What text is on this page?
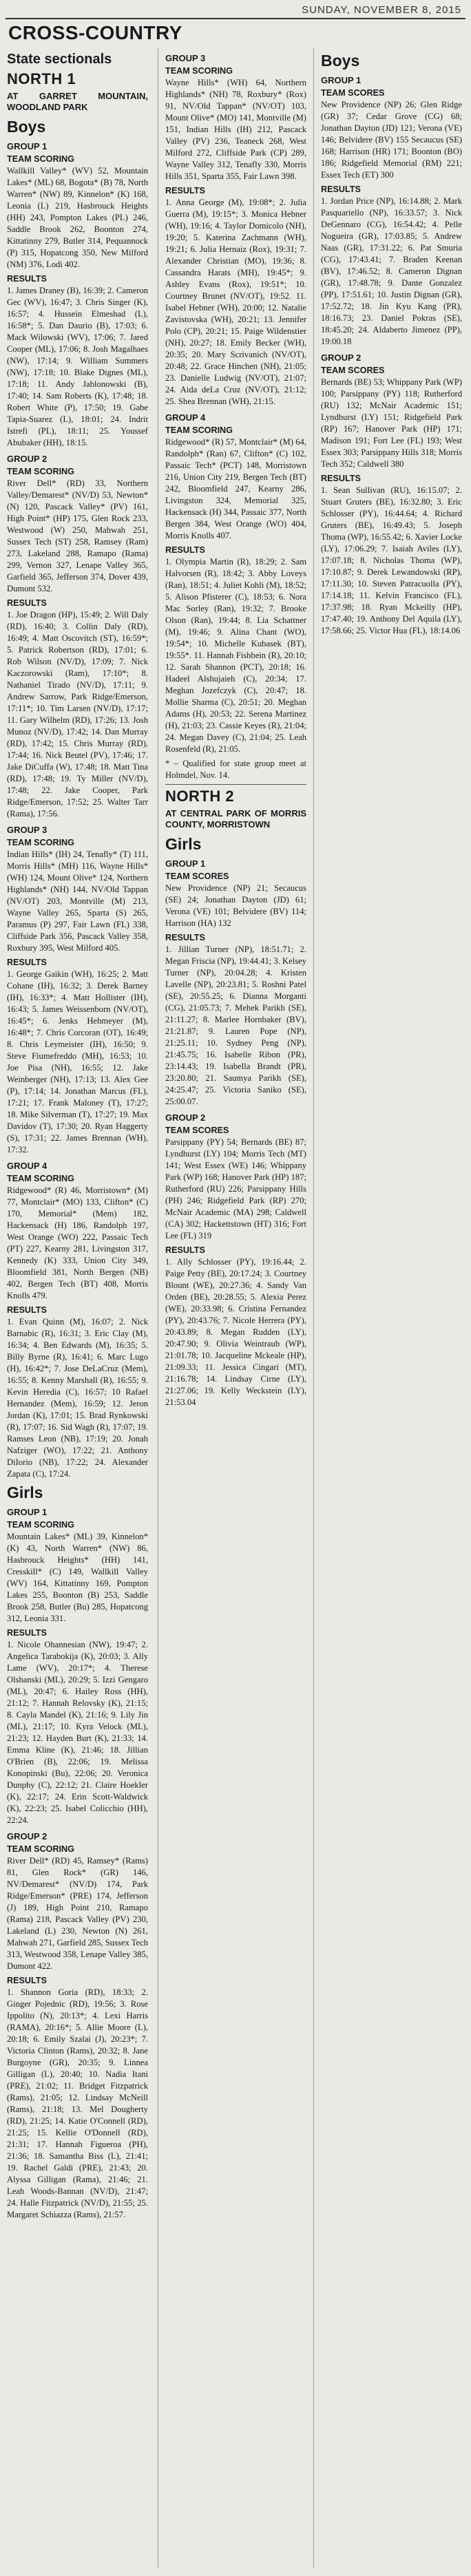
SUNDAY, NOVEMBER 8, 2015
CROSS-COUNTRY
State sectionals
NORTH 1
AT GARRET MOUNTAIN, WOODLAND PARK
Boys
GROUP 1
TEAM SCORING

Wallkill Valley* (WV) 52, Mountain Lakes* (ML) 68, Bogota* (B) 78, North Warren* (NW) 89, Kinnelon* (K) 168, Leonia (L) 219, Hasbrouck Heights (HH) 243, Pompton Lakes (PL) 246, Saddle Brook 262, Boonton 274, Kittatinny 279, Butler 314, Pequannock (P) 315, Hopatcong 350, New Milford (NM) 376, Lodi 402.

RESULTS

1. James Draney (B), 16:39; 2. Cameron Gec (WV), 16:47; 3. Chris Singer (K), 16:57; 4. Hussein Elmeshad (L), 16:58*; 5. Dan Daurio (B), 17:03; 6. Mack Wilowski (WV), 17:06; 7. Jared Cooper (ML), 17:06; 8. Josh Magalhaes (NW), 17:14; 9. William Summers (NW), 17:18; 10. Blake Dignes (ML), 17:18; 11. Andy Jablonowski (B), 17:40; 14. Sam Roberts (K), 17:48; 18. Robert White (P), 17:50; 19. Gabe Tapia-Suarez (L), 18:01; 24. Indrit Istrefi (PL), 18:11; 25. Youssef Abubaker (HH), 18:15.

GROUP 2
TEAM SCORING

River Dell* (RD) 33, Northern Valley/Demarest* (NV/D) 53, Newton* (N) 120, Pascack Valley* (PV) 161, High Point* (HP) 175, Glen Rock 233, Westwood (W) 250, Mahwah 251, Sussex Tech (ST) 258, Ramsey (Ram) 273, Lakeland 288, Ramapo (Rama) 299, Vernon 327, Lenape Valley 365, Garfield 365, Jefferson 374, Dover 439, Dumont 532.

RESULTS

1. Joe Dragon (HP), 15:49; 2. Will Daly (RD), 16:40; 3. Collin Daly (RD), 16:49; 4. Matt Oscovitch (ST), 16:59*; 5. Patrick Robertson (RD), 17:01; 6. Rob Wilson (NV/D), 17:09; 7. Nick Kaczorowski (Ram), 17:10*; 8. Nathaniel Tirado (NV/D), 17:11; 9. Andrew Sarrow, Park Ridge/Emerson, 17:11*; 10. Tim Larsen (NV/D), 17:17; 11. Gary Wilhelm (RD), 17:26; 13. Josh Munoz (NV/D), 17:42; 14. Dan Murray (RD), 17:42; 15. Chris Murray (RD), 17:44; 16. Nick Beutel (PV), 17:46; 17. Jake DiCuffa (W), 17:48; 18. Matt Tina (RD), 17:48; 19. Ty Miller (NV/D), 17:48; 22. Jake Cooper, Park Ridge/Emerson, 17:52; 25. Walter Tarr (Rama), 17:56.

GROUP 3
TEAM SCORING

Indian Hills* (IH) 24, Tenafly* (T) 111, Morris Hills* (MH) 116, Wayne Hills* (WH) 124, Mount Olive* 124, Northern Highlands* (NH) 144, NV/Old Tappan (NV/OT) 203, Montville (M) 213, Wayne Valley 265, Sparta (S) 265, Paramus (P) 297, Fair Lawn (FL) 338, Cliffside Park 356, Pascack Valley 358, Roxbury 395, West Milford 405.

RESULTS

1. George Gaikin (WH), 16:25; 2. Matt Cohane (IH), 16:32; 3. Derek Barney (IH), 16:33*; 4. Matt Hollister (IH), 16:43; 5. James Weissenborn (NV/OT), 16:45*; 6. Jenks Hehmeyer (M), 16:48*; 7. Chris Corcoran (OT), 16:49; 8. Chris Leymeister (IH), 16:50; 9. Steve Fiumefreddo (MH), 16:53; 10. Joe Pisa (NH), 16:55; 12. Jake Weinberger (NH), 17:13; 13. Alex Gee (P), 17:14; 14. Jonathan Marcus (FL), 17:21; 17. Frank Maloney (T), 17:27; 18. Mike Silverman (T), 17:27; 19. Max Davidov (T), 17:30; 20. Ryan Haggerty (S), 17:31; 22. James Brennan (WH), 17:32.

GROUP 4
TEAM SCORING

Ridgewood* (R) 46, Morristown* (M) 77, Montclair* (MO) 133, Clifton* (C) 170, Memorial* (Mem) 182, Hackensack (H) 186, Randolph 197, West Orange (WO) 222, Passaic Tech (PT) 227, Kearny 281, Livingston 317, Kennedy (K) 333, Union City 349, Bloomfield 381, North Bergen (NB) 402, Bergen Tech (BT) 408, Morris Knolls 479.

RESULTS

1. Evan Quinn (M), 16:07; 2. Nick Barnabic (R), 16:31; 3. Eric Clay (M), 16:34; 4. Ben Edwards (M), 16:35; 5. Billy Byrne (R), 16:41; 6. Marc Lugo (H), 16:42*; 7. Jose DeLaCruz (Mem), 16:55; 8. Kenny Marshall (R), 16:55; 9. Kevin Heredia (C), 16:57; 10 Rafael Hernandez (Mem), 16:59; 12. Jeron Jordan (K), 17:01; 15. Brad Rynkowski (R), 17:07; 16. Sid Wagh (R), 17:07; 19. Ramses Leon (NB), 17:19; 20. Jonah Nafziger (WO), 17:22; 21. Anthony DiIorio (NB), 17:22; 24. Alexander Zapata (C), 17:24.

Girls
GROUP 1
TEAM SCORING

Mountain Lakes* (ML) 39, Kinnelon* (K) 43, North Warren* (NW) 86, Hasbrouck Heights* (HH) 141, Cresskill* (C) 149, Wallkill Valley (WV) 164, Kittatinny 169, Pompton Lakes 255, Boonton (B) 253, Saddle Brook 258, Butler (Bu) 285, Hopatcong 312, Leonia 331.

RESULTS

1. Nicole Ohannesian (NW), 19:47; 2. Angelica Tarabokija (K), 20:03; 3. Ally Lame (WV), 20:17*; 4. Therese Olshanski (ML), 20:29; 5. Izzi Gengaro (ML), 20:47; 6. Hailey Ross (HH), 21:12; 7. Hannah Relovsky (K), 21:15; 8. Cayla Mandel (K), 21:16; 9. Lily Jin (ML), 21:17; 10. Kyra Velock (ML), 21:23; 12. Hayden Burt (K), 21:33; 14. Emma Kline (K), 21:46; 18. Jillian O'Brien (B), 22:06; 19. Melissa Konopinski (Bu), 22:06; 20. Veronica Dunphy (C), 22:12; 21. Claire Hoekler (K), 22:17; 24. Erin Scott-Waldwick (K), 22:23; 25. Isabel Colicchio (HH), 22:24.

GROUP 2
TEAM SCORING

River Dell* (RD) 45, Ramsey* (Rams) 81, Glen Rock* (GR) 146, NV/Demarest* (NV/D) 174, Park Ridge/Emerson* (PRE) 174, Jefferson (J) 189, High Point 210, Ramapo (Rama) 218, Pascack Valley (PV) 230, Lakeland (L) 230, Newton (N) 261, Mahwah 271, Garfield 285, Sussex Tech 313, Westwood 358, Lenape Valley 385, Dumont 422.

RESULTS

1. Shannon Goria (RD), 18:33; 2. Ginger Pojednic (RD), 19:56; 3. Rose Ippolito (N), 20:13*; 4. Lexi Harris (RAMA), 20:16*; 5. Allie Moore (L), 20:18; 6. Emily Szalai (J), 20:23*; 7. Victoria Clinton (Rams), 20:32; 8. Jane Burgoyne (GR), 20:35; 9. Linnea Gilligan (L), 20:40; 10. Nadia Itani (PRE), 21:02; 11. Bridget Fitzpatrick (Rams), 21:05; 12. Lindsay McNeill (Rams), 21:18; 13. Mel Dougherty (RD), 21:25; 14. Katie O'Connell (RD), 21:25; 15. Kellie O'Donnell (RD), 21:31; 17. Hannah Figueroa (PH), 21:36; 18. Samantha Biss (L), 21:41; 19. Rachel Galdi (PRE), 21:43; 20. Alyssa Gilligan (Rama), 21:46; 21. Leah Woods-Bannan (NV/D), 21:47; 24. Halle Fitzpatrick (NV/D), 21:55; 25. Margaret Schiazza (Rams), 21:57.

GROUP 3
TEAM SCORING

Wayne Hills* (WH) 64, Northern Highlands* (NH) 78, Roxbury* (Rox) 91, NV/Old Tappan* (NV/OT) 103, Mount Olive* (MO) 141, Montville (M) 151, Indian Hills (IH) 212, Pascack Valley (PV) 236, Teaneck 268, West Milford 272, Cliffside Park (CP) 289, Wayne Valley 312, Tenafly 330, Morris Hills 351, Sparta 355, Fair Lawn 398.

RESULTS

1. Anna George (M), 19:08*; 2. Julia Guerra (M), 19:15*; 3. Monica Hebner (WH), 19:16; 4. Taylor Domicolo (NH), 19:20; 5. Katerina Zachmann (WH), 19:21; 6. Julia Hernaiz (Rox), 19:31; 7. Alexander Christian (MO), 19:36; 8. Cassandra Harats (MH), 19:45*; 9. Ashley Evans (Rox), 19:51*; 10. Courtney Brunet (NV/OT), 19:52. 11. Isabel Hebner (WH), 20:00; 12. Natalie Zavistovska (WH), 20:21; 13. Jennifer Polo (CP), 20:21; 15. Paige Wildenstier (NH), 20:27; 18. Emily Becker (WH), 20:35; 20. Mary Scrivanich (NV/OT), 20:48; 22. Grace Hinchen (NH), 21:05; 23. Danielle Ludwig (NV/OT), 21:07; 24. Aida deLa Cruz (NV/OT), 21:12; 25. Shea Brennan (WH), 21:15.

GROUP 4
TEAM SCORING

Ridgewood* (R) 57, Montclair* (M) 64, Randolph* (Ran) 67, Clifton* (C) 102, Passaic Tech* (PCT) 148, Morristown 216, Union City 219, Bergen Tech (BT) 242, Bloomfield 247, Kearny 286, Livingston 324, Memorial 325, Hackensack (H) 344, Passaic 377, North Bergen 384, West Orange (WO) 404, Morris Knolls 407.

RESULTS

1. Olympia Martin (R), 18:29; 2. Sam Halvorsen (R), 18:42; 3. Abby Loveys (Ran), 18:51; 4. Juliet Kohli (M), 18:52; 5. Alison Pfisterer (C), 18:53; 6. Nora Mac Sorley (Ran), 19:32; 7. Brooke Olson (Ran), 19:44; 8. Lia Schattner (M), 19:46; 9. Alina Chant (WO), 19:54*; 10. Michelle Kubasek (BT), 19:55*. 11. Hannah Fishbein (R), 20:10; 12. Sarah Shannon (PCT), 20:18; 16. Hadeel Alshujaieh (C), 20:34; 17. Meghan Jozefczyk (C), 20:47; 18. Mollie Sharma (C), 20:51; 20. Meghan Adams (H), 20:53; 22. Serena Martinez (H), 21:03; 23. Cassie Keyes (R), 21:04; 24. Megan Davey (C), 21:04; 25. Leah Rosenfeld (R), 21:05.

* – Qualified for state group meet at Holmdel, Nov. 14.

NORTH 2
AT CENTRAL PARK OF MORRIS COUNTY, MORRISTOWN
Girls
GROUP 1
TEAM SCORES

New Providence (NP) 21; Secaucus (SE) 24; Jonathan Dayton (JD) 61; Verona (VE) 101; Belvidere (BV) 114; Harrison (HA) 132

RESULTS

1. Jillian Turner (NP), 18:51.71; 2. Megan Friscia (NP), 19:44.41; 3. Kelsey Turner (NP), 20:04.28; 4. Kristen Lavelle (NP), 20:23.81; 5. Roshni Patel (SE), 20:55.25; 6. Dianna Morganti (CG), 21:05.73; 7. Mehek Parikh (SE), 21:11.27; 8. Marlee Hornbaker (BV), 21:21.87; 9. Lauren Pope (NP), 21:25.11; 10. Sydney Peng (NP), 21:45.75; 16. Isabelle Ribon (PR), 23:14.43; 19. Isabella Brandt (PR), 23:20.80; 21. Saumya Parikh (SE), 24:25.47; 25. Victoria Saniko (SE), 25:00.07.

GROUP 2
TEAM SCORES

Parsippany (PY) 54; Bernards (BE) 87; Lyndhurst (LY) 104; Morris Tech (MT) 141; West Essex (WE) 146; Whippany Park (WP) 168; Hanover Park (HP) 187; Rutherford (RU) 226; Parsippany Hills (PH) 246; Ridgefield Park (RP) 270; McNair Academic (MA) 298; Caldwell (CA) 302; Hackettstown (HT) 316; Fort Lee (FL) 319

RESULTS

1. Ally Schlosser (PY), 19:16.44; 2. Paige Petty (BE), 20:17.24; 3. Courtney Blount (WE), 20:27.36; 4. Sandy Van Orden (BE), 20:28.55; 5. Alexia Perez (WE), 20:33.98; 6. Cristina Fernandez (PY), 20:43.76; 7. Nicole Herrera (PY), 20:43.89; 8. Megan Rudden (LY), 20:47.90; 9. Olivia Weintraub (WP), 21:01.78; 10. Jacqueline Mckeale (HP), 21:09.33; 11. Jessica Cingari (MT), 21:16.78; 14. Lindsay Cirne (LY), 21:27.06; 19. Kelly Weckstein (LY), 21:53.04

Boys
GROUP 1
TEAM SCORES

New Providence (NP) 26; Glen Ridge (GR) 37; Cedar Grove (CG) 68; Jonathan Dayton (JD) 121; Verona (VE) 146; Belvidere (BV) 155 Secaucus (SE) 168; Harrison (HR) 171; Boonton (BO) 186; Ridgefield Memorial (RM) 221; Essex Tech (ET) 300

RESULTS

1. Jordan Price (NP), 16:14.88; 2. Mark Pasquariello (NP), 16:33.57; 3. Nick DeGennaro (CG), 16:54.42; 4. Pelle Nogueira (GR), 17:03.85; 5. Andrew Naas (GR), 17:31.22; 6. Pat Smuria (CG), 17:43.41; 7. Braden Keenan (BV), 17:46.52; 8. Cameron Dignan (GR), 17:48.78; 9. Dante Gonzalez (PP), 17:51.61; 10. Justin Dignan (GR), 17:52.72; 18. Jin Kyu Kang (PR), 18:16.73; 23. Daniel Pokras (SE), 18:45.20; 24. Aldaberto Jimenez (PP), 19:00.18

GROUP 2
TEAM SCORES

Bernards (BE) 53; Whippany Park (WP) 100; Parsippany (PY) 118; Rutherford (RU) 132; McNair Academic 151; Lyndhurst (LY) 151; Ridgefield Park (RP) 167; Hanover Park (HP) 171; Madison 191; Fort Lee (FL) 193; West Essex 303; Parsippany Hills 318; Morris Tech 352; Caldwell 380

RESULTS

1. Sean Sullivan (RU), 16:15.07; 2. Stuart Gruters (BE), 16:32.80; 3. Eric Schlosser (PY), 16:44.64; 4. Richard Gruters (BE), 16:49.43; 5. Joseph Thoma (WP), 16:55.42; 6. Xavier Locke (LY), 17:06.29; 7. Isaiah Aviles (LY), 17:07.18; 8. Nicholas Thoma (WP), 17:10.87; 9. Derek Lewandowski (RP), 17:11.30; 10. Steven Patracuolla (PY), 17:14.18; 11. Kelvin Francisco (FL), 17:37.98; 18. Ryan Mckeilly (HP), 17:47.40; 19. Anthony Del Aquila (LY), 17:58.66; 25. Victor Hua (FL), 18:14.06
